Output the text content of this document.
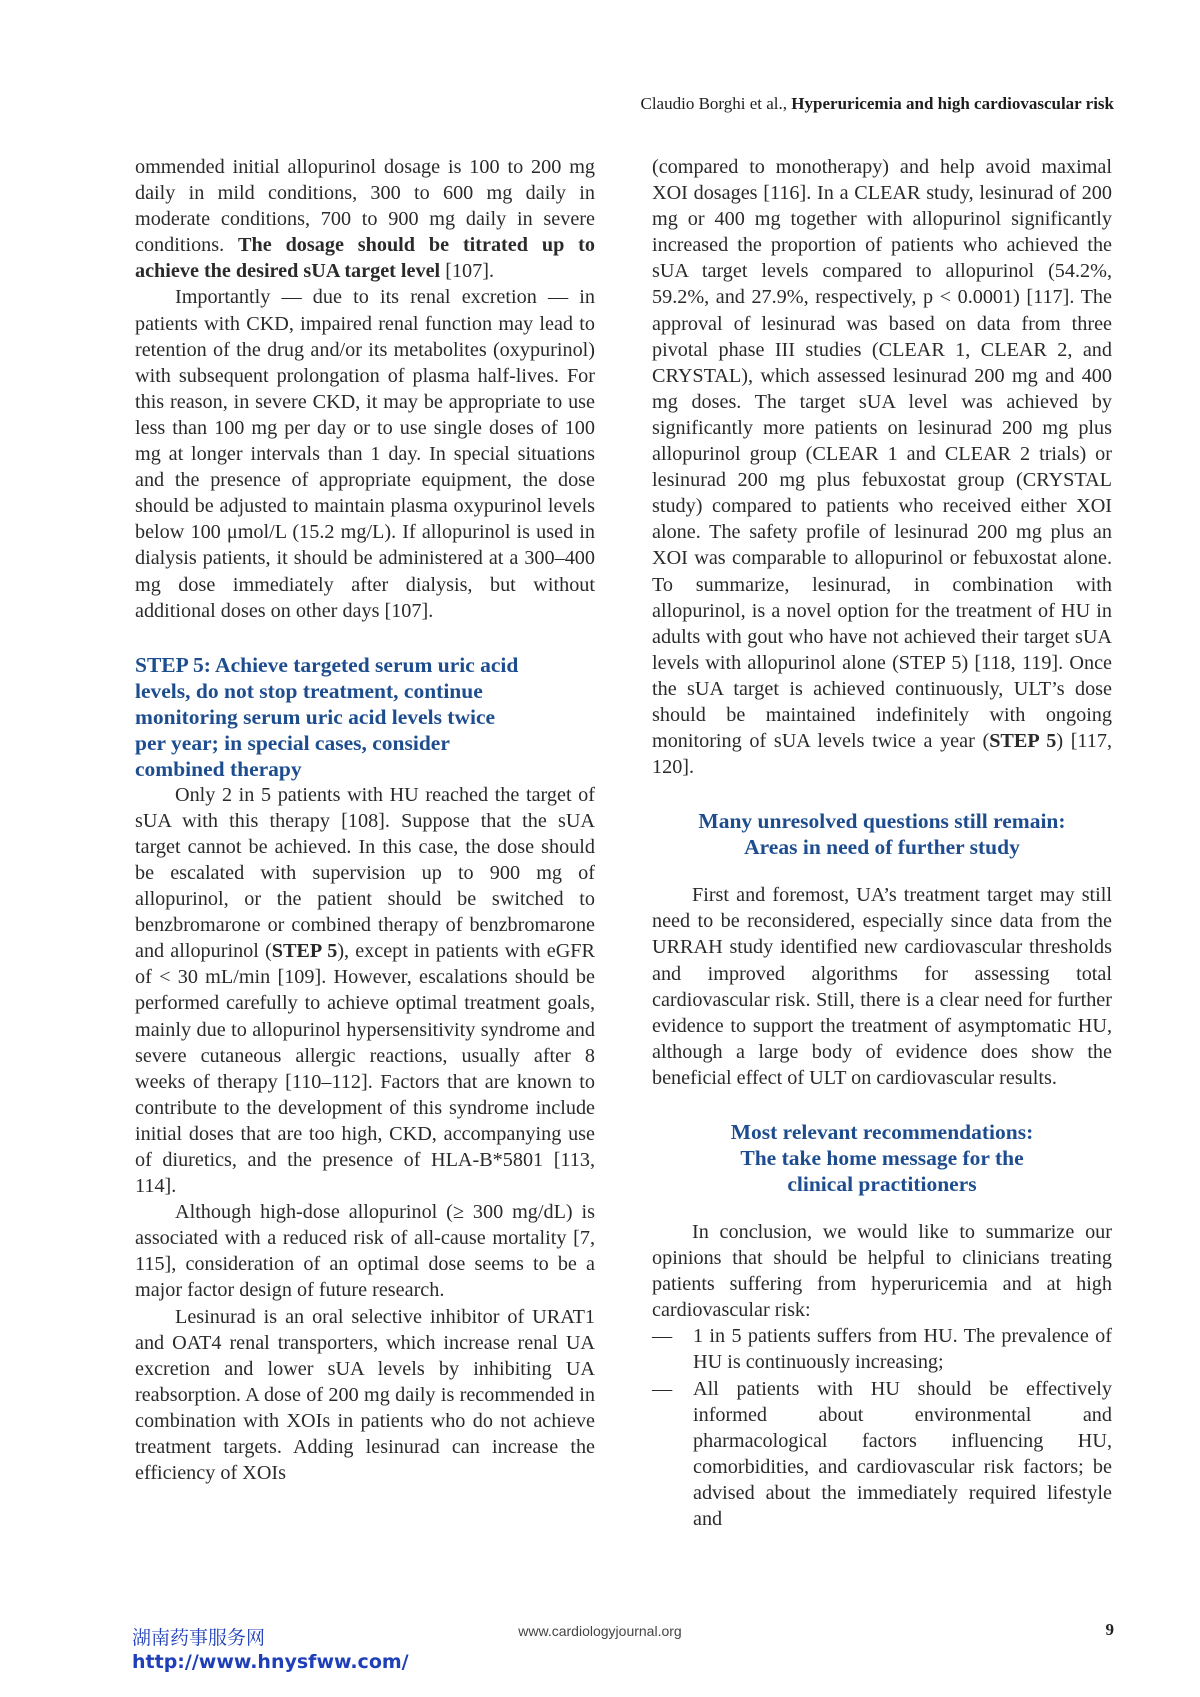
Claudio Borghi et al., Hyperuricemia and high cardiovascular risk

ommended initial allopurinol dosage is 100 to 200 mg daily in mild conditions, 300 to 600 mg daily in moderate conditions, 700 to 900 mg daily in severe conditions. The dosage should be titrated up to achieve the desired sUA target level [107].

Importantly — due to its renal excretion — in patients with CKD, impaired renal function may lead to retention of the drug and/or its metabolites (oxypurinol) with subsequent prolongation of plasma half-lives. For this reason, in severe CKD, it may be appropriate to use less than 100 mg per day or to use single doses of 100 mg at longer intervals than 1 day. In special situations and the presence of appropriate equipment, the dose should be adjusted to maintain plasma oxypurinol levels below 100 μmol/L (15.2 mg/L). If allopurinol is used in dialysis patients, it should be administered at a 300–400 mg dose immediately after dialysis, but without additional doses on other days [107].

STEP 5: Achieve targeted serum uric acid
levels, do not stop treatment, continue
monitoring serum uric acid levels twice
per year; in special cases, consider
combined therapy

Only 2 in 5 patients with HU reached the target of sUA with this therapy [108]. Suppose that the sUA target cannot be achieved. In this case, the dose should be escalated with supervision up to 900 mg of allopurinol, or the patient should be switched to benzbromarone or combined therapy of benzbromarone and allopurinol (STEP 5), except in patients with eGFR of < 30 mL/min [109]. However, escalations should be performed carefully to achieve optimal treatment goals, mainly due to allopurinol hypersensitivity syndrome and severe cutaneous allergic reactions, usually after 8 weeks of therapy [110–112]. Factors that are known to contribute to the development of this syndrome include initial doses that are too high, CKD, accompanying use of diuretics, and the presence of HLA-B*5801 [113, 114].

Although high-dose allopurinol (≥ 300 mg/dL) is associated with a reduced risk of all-cause mortality [7, 115], consideration of an optimal dose seems to be a major factor design of future research.

Lesinurad is an oral selective inhibitor of URAT1 and OAT4 renal transporters, which increase renal UA excretion and lower sUA levels by inhibiting UA reabsorption. A dose of 200 mg daily is recommended in combination with XOIs in patients who do not achieve treatment targets. Adding lesinurad can increase the efficiency of XOIs

(compared to monotherapy) and help avoid maximal XOI dosages [116]. In a CLEAR study, lesinurad of 200 mg or 400 mg together with allopurinol significantly increased the proportion of patients who achieved the sUA target levels compared to allopurinol (54.2%, 59.2%, and 27.9%, respectively, p < 0.0001) [117]. The approval of lesinurad was based on data from three pivotal phase III studies (CLEAR 1, CLEAR 2, and CRYSTAL), which assessed lesinurad 200 mg and 400 mg doses. The target sUA level was achieved by significantly more patients on lesinurad 200 mg plus allopurinol group (CLEAR 1 and CLEAR 2 trials) or lesinurad 200 mg plus febuxostat group (CRYSTAL study) compared to patients who received either XOI alone. The safety profile of lesinurad 200 mg plus an XOI was comparable to allopurinol or febuxostat alone. To summarize, lesinurad, in combination with allopurinol, is a novel option for the treatment of HU in adults with gout who have not achieved their target sUA levels with allopurinol alone (STEP 5) [118, 119]. Once the sUA target is achieved continuously, ULT’s dose should be maintained indefinitely with ongoing monitoring of sUA levels twice a year (STEP 5) [117, 120].

Many unresolved questions still remain:
Areas in need of further study

First and foremost, UA’s treatment target may still need to be reconsidered, especially since data from the URRAH study identified new cardiovascular thresholds and improved algorithms for assessing total cardiovascular risk. Still, there is a clear need for further evidence to support the treatment of asymptomatic HU, although a large body of evidence does show the beneficial effect of ULT on cardiovascular results.

Most relevant recommendations:
The take home message for the
clinical practitioners

In conclusion, we would like to summarize our opinions that should be helpful to clinicians treating patients suffering from hyperuricemia and at high cardiovascular risk:

— 1 in 5 patients suffers from HU. The prevalence of HU is continuously increasing;

— All patients with HU should be effectively informed about environmental and pharmacological factors influencing HU, comorbidities, and cardiovascular risk factors; be advised about the immediately required lifestyle and

www.cardiologyjournal.org	9
湖南药事服务网
http://www.hnysfww.com/
